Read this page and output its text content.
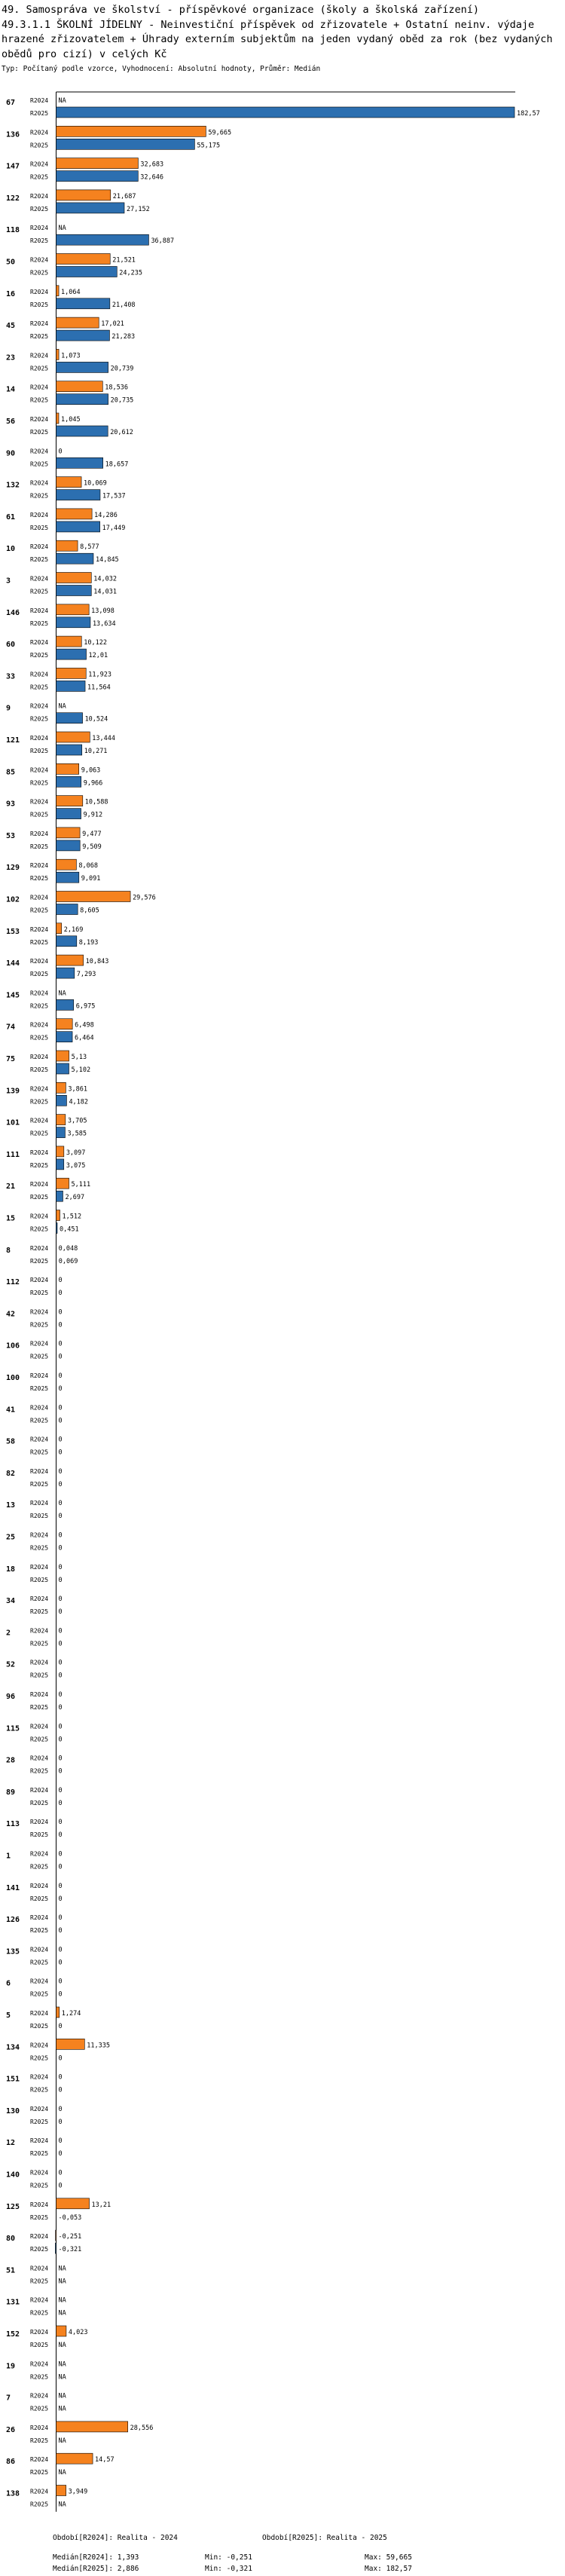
49. Samospráva ve školství - příspěvkové organizace (školy a školská zařízení)
49.3.1.1 ŠKOLNÍ JÍDELNY - Neinvestiční příspěvek od zřizovatele + Ostatní neinv. výdaje hrazené zřizovatelem + Úhrady externím subjektům na jeden vydaný oběd za rok (bez vydaných obědů pro cizí) v celých Kč
Typ: Počítaný podle vzorce, Vyhodnocení: Absolutní hodnoty, Průměr: Medián
67 R2024 NA
R2025	182,57
136 R2024	59,665
R2025	55,175
147 R2024	32,683
R2025	32,646
122 R2024	21,687
R2025	27,152
118 R2024 NA
R2025	36,887
50 R2024	21,521
R2025	24,235
16 R2024 1,064
R2025	21,408
45 R2024	17,021
R2025	21,283
23 R2024 1,073
R2025	20,739
14 R2024	18,536
R2025	20,735
56 R2024 1,045
R2025	20,612
90 R2024 0
R2025	18,657
132 R2024	10,069
R2025	17,537
61 R2024	14,286
R2025	17,449
10 R2024	8,577
R2025	14,845
3	R2024	14,032
R2025	14,031
146 R2024	13,098
R2025	13,634
60 R2024	10,122
R2025	12,01
33 R2024	11,923
R2025	11,564
9	R2024 NA
R2025	10,524
121 R2024	13,444
R2025	10,271
85 R2024	9,063
R2025	9,966
93 R2024	10,588
R2025	9,912
53 R2024	9,477
R2025	9,509
129 R2024	8,068
R2025	9,091
102 R2024	29,576
R2025	8,605
153 R2024 2,169
R2025	8,193
144 R2024	10,843
R2025	7,293
145 R2024 NA
R2025	6,975
74 R2024	6,498
R2025	6,464
75 R2024	5,13
R2025	5,102
139 R2024	3,861
R2025	4,182
101 R2024	3,705
R2025	3,585
111 R2024	3,097
R2025	3,075
21 R2024	5,111
R2025	2,697
15 R2024 1,512
R2025 0,451
8	R2024 0,048
R2025 0,069
112 R2024 0
R2025 0
42 R2024 0
R2025 0
106 R2024 0
R2025 0
100 R2024 0
R2025 0
41 R2024 0
R2025 0
58 R2024 0
R2025 0
82 R2024 0
R2025 0
13 R2024 0
R2025 0
25 R2024 0
R2025 0
18 R2024 0
R2025 0
34 R2024 0
R2025 0
2	R2024 0
R2025 0
52 R2024 0
R2025 0
96 R2024 0
R2025 0
115 R2024 0
R2025 0
28 R2024 0
R2025 0
89 R2024 0
R2025 0
113 R2024 0
R2025 0
1	R2024 0
R2025 0
141 R2024 0
R2025 0
126 R2024 0
R2025 0
135 R2024 0
R2025 0
6	R2024 0
R2025 0
5	R2024 1,274
R2025 0
134 R2024	11,335
R2025 0
151 R2024 0
R2025 0
130 R2024 0
R2025 0
12 R2024 0
R2025 0
140 R2024 0
R2025 0
125 R2024	13,21
R2025 -0,053
80 R2024 -0,251
R2025 -0,321
51 R2024 NA
R2025 NA
131 R2024 NA
R2025 NA
152 R2024	4,023
R2025 NA
19 R2024 NA
R2025 NA
7	R2024 NA
R2025 NA
26 R2024	28,556
R2025 NA
86 R2024	14,57
R2025 NA
138 R2024	3,949
R2025 NA
Období[R2024]: Realita - 2024	Období[R2025]: Realita - 2025
Medián[R2024]: 1,393	Min: -0,251	Max: 59,665
Medián[R2025]: 2,886	Min: -0,321	Max: 182,57
